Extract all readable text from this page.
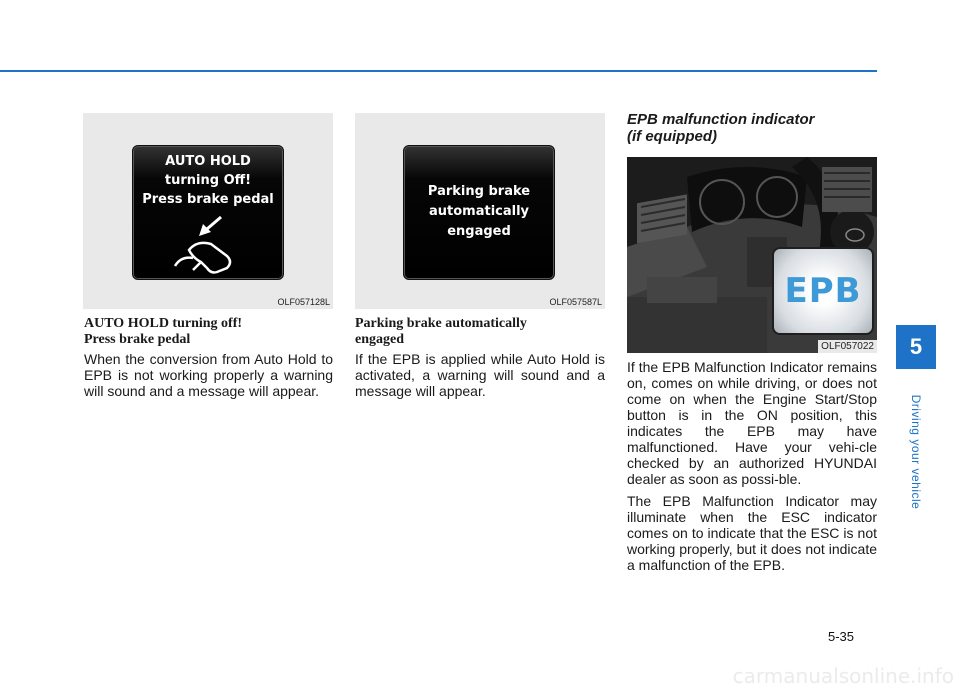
AUTO HOLD
turning Off!
Press brake pedal
OLF057128L
Parking brake
automatically
engaged
OLF057587L	EPB
OLF057022
AUTO HOLD turning off!
Press brake pedal

When the conversion from Auto Hold to EPB is not working properly a warning will sound and a message will appear.

Parking brake automatically
engaged

If the EPB is applied while Auto Hold is activated, a warning will sound and a message will appear.

EPB malfunction indicator
(if equipped)

If the EPB Malfunction Indicator remains on, comes on while driving, or does not come on when the Engine Start/Stop button is in the ON position, this indicates the EPB may have malfunctioned. Have your vehi-cle checked by an authorized HYUNDAI dealer as soon as possi-ble.

The EPB Malfunction Indicator may illuminate when the ESC indicator comes on to indicate that the ESC is not working properly, but it does not indicate a malfunction of the EPB.

5
Driving your vehicle
5-35
carmanualsonline.info
